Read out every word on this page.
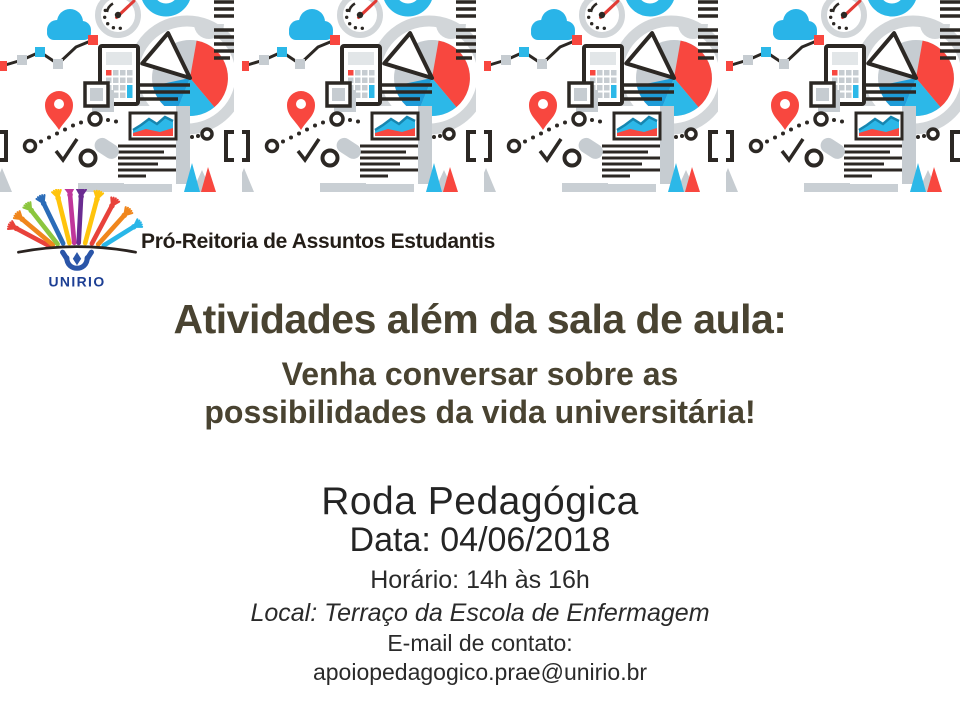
UNIRIO
Pró-Reitoria de Assuntos Estudantis
Atividades além da sala de aula:
Venha conversar sobre as
possibilidades da vida universitária!
Roda Pedagógica
Data: 04/06/2018
Horário: 14h às 16h
Local: Terraço da Escola de Enfermagem
E-mail de contato:
apoiopedagogico.prae@unirio.br
